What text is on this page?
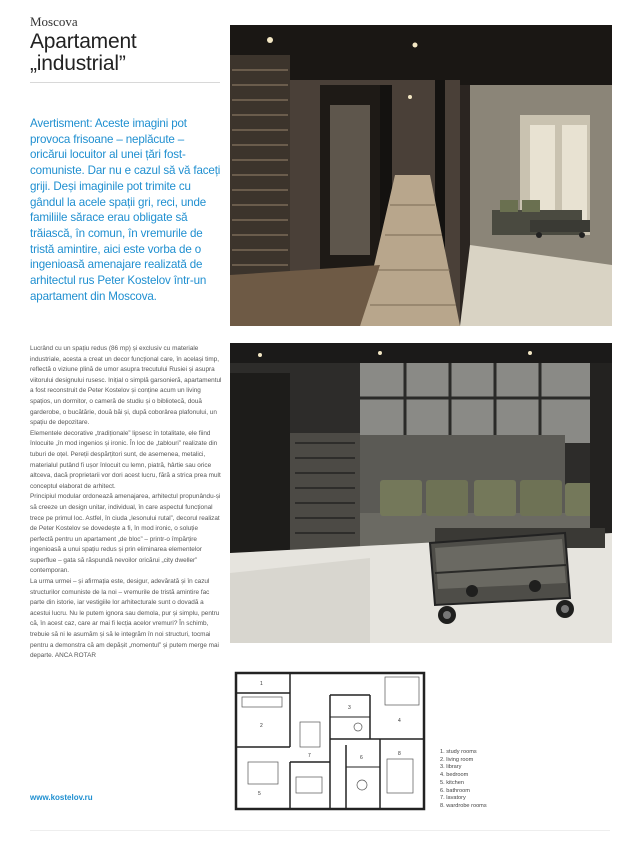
Moscova
Apartament
„industrial”
Avertisment: Aceste imagini pot provoca frisoane – neplăcute – oricărui locuitor al unei țări fost-comuniste. Dar nu e cazul să vă faceți griji. Deși imaginile pot trimite cu gândul la acele spații gri, reci, unde familiile sărace erau obligate să trăiască, în comun, în vremurile de tristă amintire, aici este vorba de o ingenioasă amenajare realizată de arhitectul rus Peter Kostelov într-un apartament din Moscova.

Lucrând cu un spațiu redus (86 mp) și exclusiv cu materiale industriale, acesta a creat un decor funcțional care, în același timp, reflectă o viziune plină de umor asupra trecutului Rusiei și asupra viitorului designului rusesc. Inițial o simplă garsonieră, apartamentul a fost reconstruit de Peter Kostelov și conține acum un living spațios, un dormitor, o cameră de studiu și o bibliotecă, două garderobe, o bucătărie, două băi și, după coborârea plafonului, un spațiu de depozitare.

Elementele decorative „tradiționale” lipsesc în totalitate, ele fiind înlocuite „în mod ingenios și ironic. În loc de „tablouri” realizate din tuburi de oțel. Pereții despărțitori sunt, de asemenea, metalici, materialul putând fi ușor înlocuit cu lemn, piatră, hârtie sau orice altceva, dacă proprietarii vor dori acest lucru, fără a strica prea mult conceptul elaborat de arhitect.

Principiul modular ordonează amenajarea, arhitectul propunându-și să creeze un design unitar, individual, în care aspectul funcțional trece pe primul loc. Astfel, în ciuda „lesonului rutal”, decorul realizat de Peter Kostelov se dovedește a fi, în mod ironic, o soluție perfectă pentru un apartament „de bloc” – printr-o împărțire ingenioasă a unui spațiu redus și prin eliminarea elementelor superflue – gata să răspundă nevoilor oricărui „city dweller” contemporan.

La urma urmei – și afirmația este, desigur, adevărată și în cazul structurilor comuniste de la noi – vremurile de tristă amintire fac parte din istorie, iar vestigiile lor arhitecturale sunt o dovadă a acestui lucru. Nu le putem ignora sau demola, pur și simplu, pentru că, în acest caz, care ar mai fi lecția acelor vremuri? În schimb, trebuie să ni le asumăm și să le integrăm în noi structuri, tocmai pentru a demonstra că am depășit „momentul” și putem merge mai departe. ANCA ROTAR

www.kostelov.ru
1
2
3
4
5
6
7	8	1. study rooms
2. living room
3. library
4. bedroom
5. kitchen
6. bathroom
7. lavatory
8. wardrobe rooms
